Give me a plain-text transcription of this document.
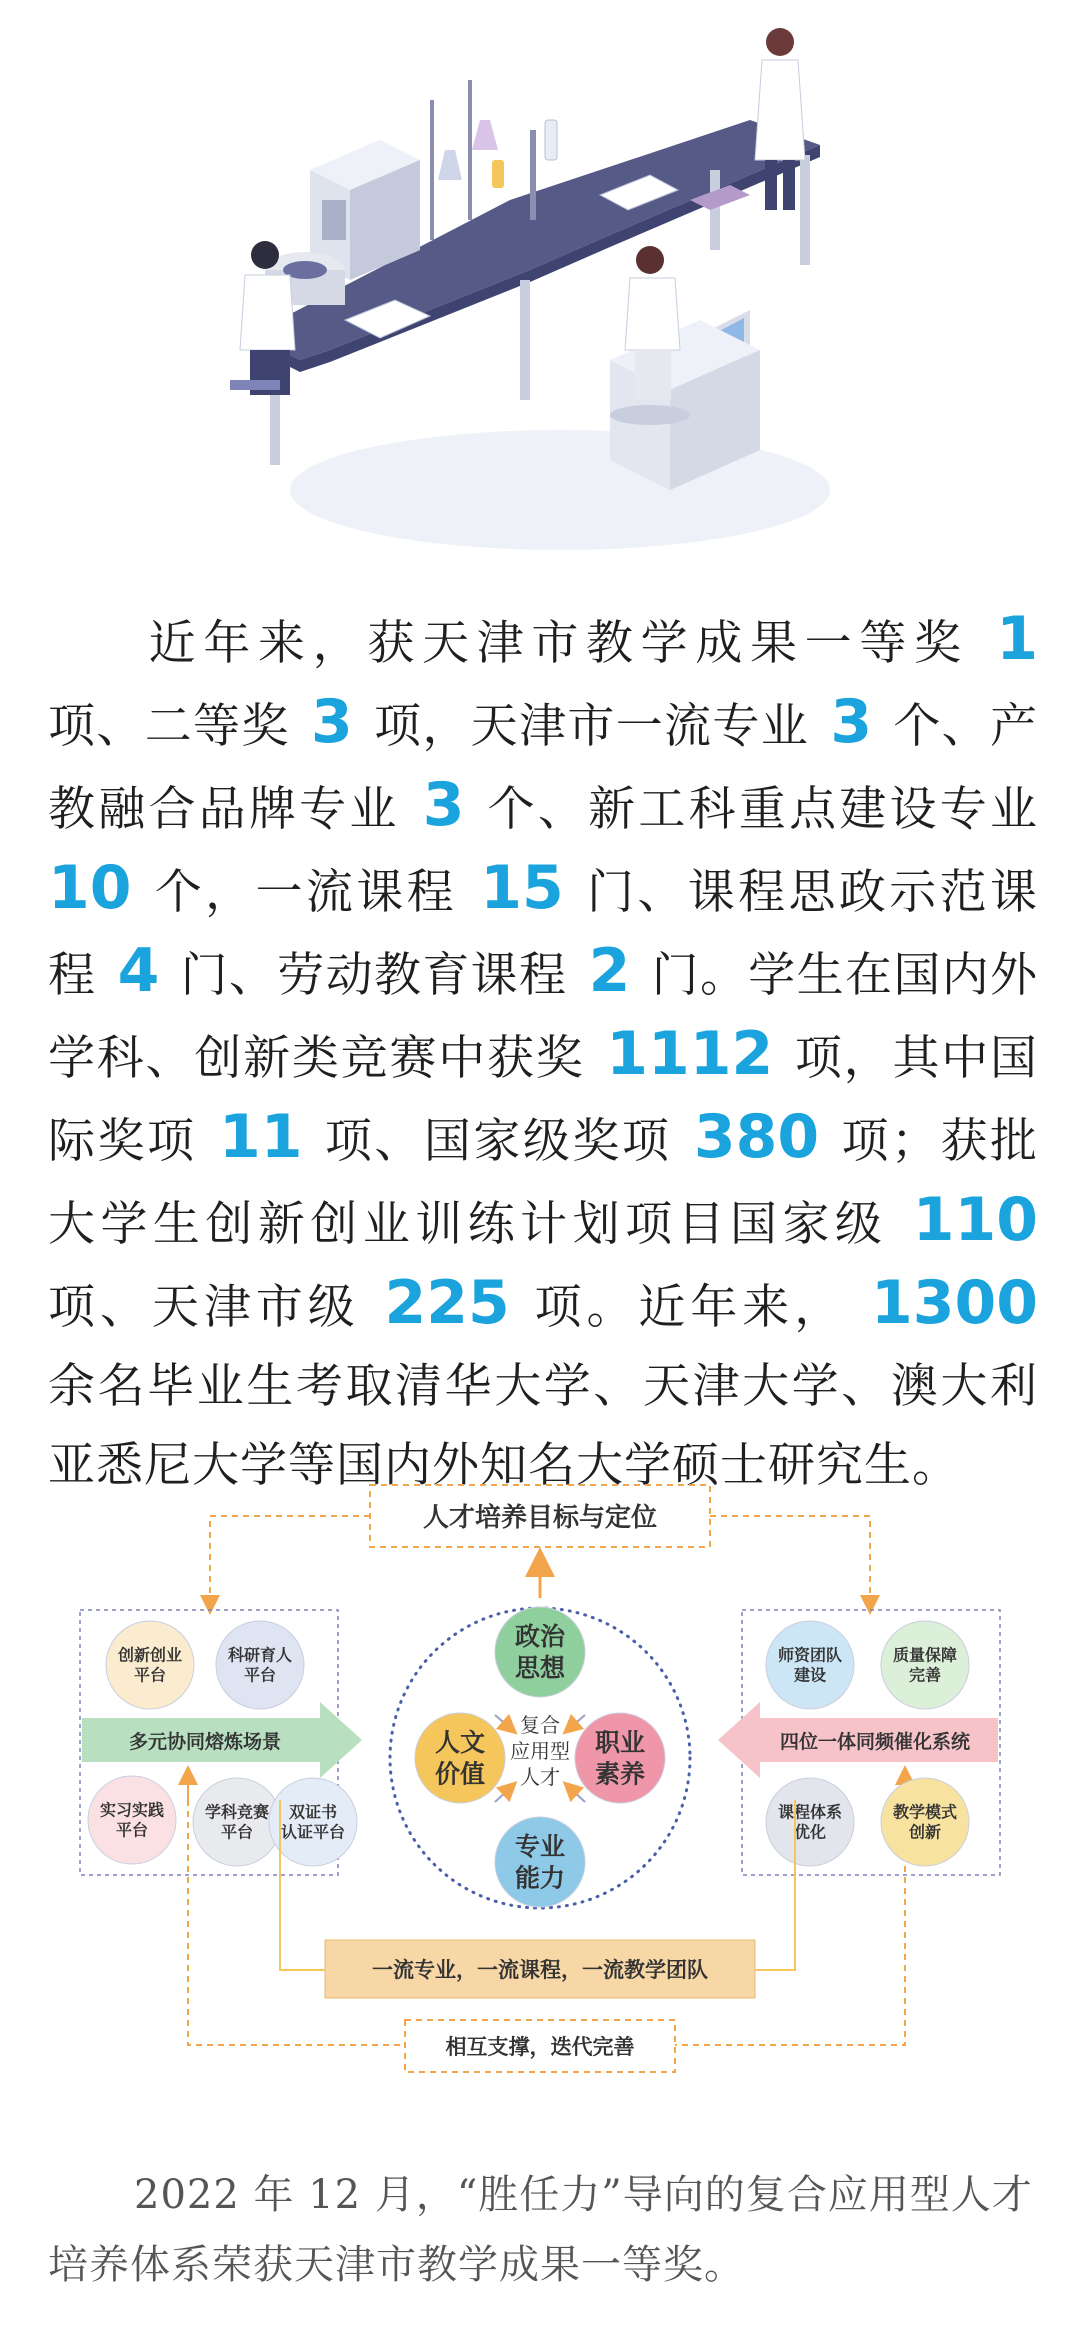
近年来，获天津市教学成果一等奖 1 项、二等奖 3 项，天津市一流专业 3 个、产教融合品牌专业 3 个、新工科重点建设专业 10 个，一流课程 15 门、课程思政示范课程 4 门、劳动教育课程 2 门。学生在国内外学科、创新类竞赛中获奖 1112 项，其中国际奖项 11 项、国家级奖项 380 项；获批大学生创新创业训练计划项目国家级 110 项、天津市级 225 项。近年来， 1300 余名毕业生考取清华大学、天津大学、澳大利亚悉尼大学等国内外知名大学硕士研究生。
人才培养目标与定位
多元协同熔炼场景	四位一体同频催化系统
创新创业
平台
科研育人
平台
实习实践
平台
学科竞赛
平台
双证书
认证平台
师资团队
建设
质量保障
完善
课程体系
优化
教学模式
创新
政治
思想
人文
价值
职业
素养
专业
能力
复合
应用型
人才
一流专业，一流课程，一流教学团队
相互支撑，迭代完善
2022 年 12 月，“胜任力”导向的复合应用型人才培养体系荣获天津市教学成果一等奖。
